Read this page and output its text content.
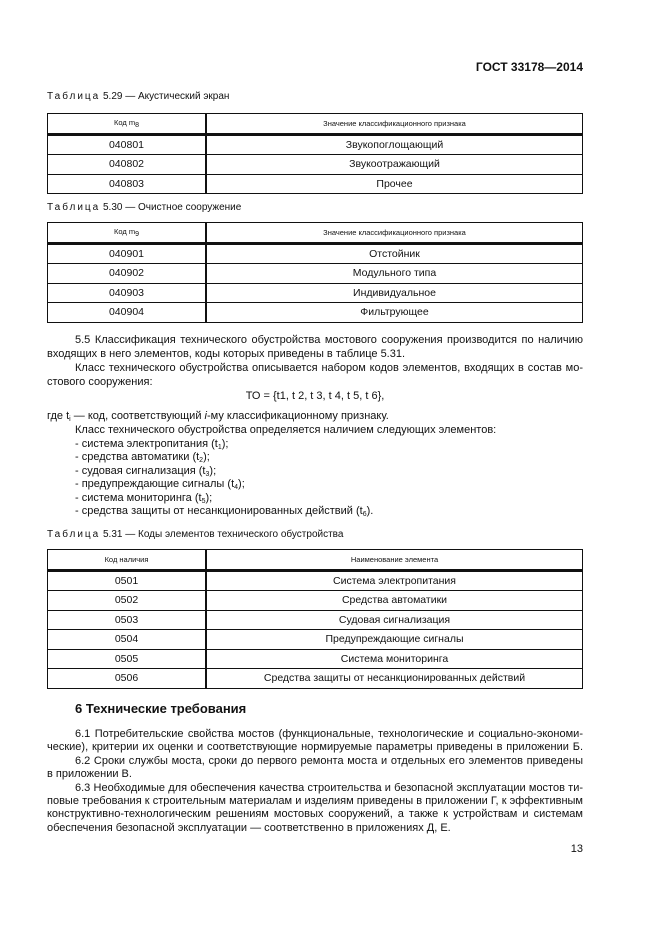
ГОСТ 33178—2014
Таблица 5.29 — Акустический экран
Код $m_8$	Значение классификационного признака
040801	Звукопоглощающий
040802	Звукоотражающий
040803	Прочее
Таблица 5.30 — Очистное сооружение
Код $m_9$	Значение классификационного признака
040901	Отстойник
040902	Модульного типа
040903	Индивидуальное
040904	Фильтрующее
5.5 Классификация технического обустройства мостового сооружения производится по наличию
входящих в него элементов, коды которых приведены в таблице 5.31.
Класс технического обустройства описывается набором кодов элементов, входящих в состав мо-
стового сооружения:
ТО = {t1, t 2, t 3, t 4, t 5, t 6},
где $t_i$ — код, соответствующий i-му классификационному признаку.
Класс технического обустройства определяется наличием следующих элементов:
- система электропитания $(t_1)$;
- средства автоматики $(t_2)$;
- судовая сигнализация $(t_3)$;
- предупреждающие сигналы $(t_4)$;
- система мониторинга $(t_5)$;
- средства защиты от несанкционированных действий $(t_6)$.
Таблица 5.31 — Коды элементов технического обустройства
Код наличия	Наименование элемента
0501	Система электропитания
0502	Средства автоматики
0503	Судовая сигнализация
0504	Предупреждающие сигналы
0505	Система мониторинга
0506	Средства защиты от несанкционированных действий
6 Технические требования
6.1 Потребительские свойства мостов (функциональные, технологические и социально-экономи-
ческие), критерии их оценки и соответствующие нормируемые параметры приведены в приложении Б.
6.2 Сроки службы моста, сроки до первого ремонта моста и отдельных его элементов приведены
в приложении В.
6.3 Необходимые для обеспечения качества строительства и безопасной эксплуатации мостов ти-
повые требования к строительным материалам и изделиям приведены в приложении Г, к эффективным
конструктивно-технологическим решениям мостовых сооружений, а также к устройствам и системам
обеспечения безопасной эксплуатации — соответственно в приложениях Д, Е.
13
